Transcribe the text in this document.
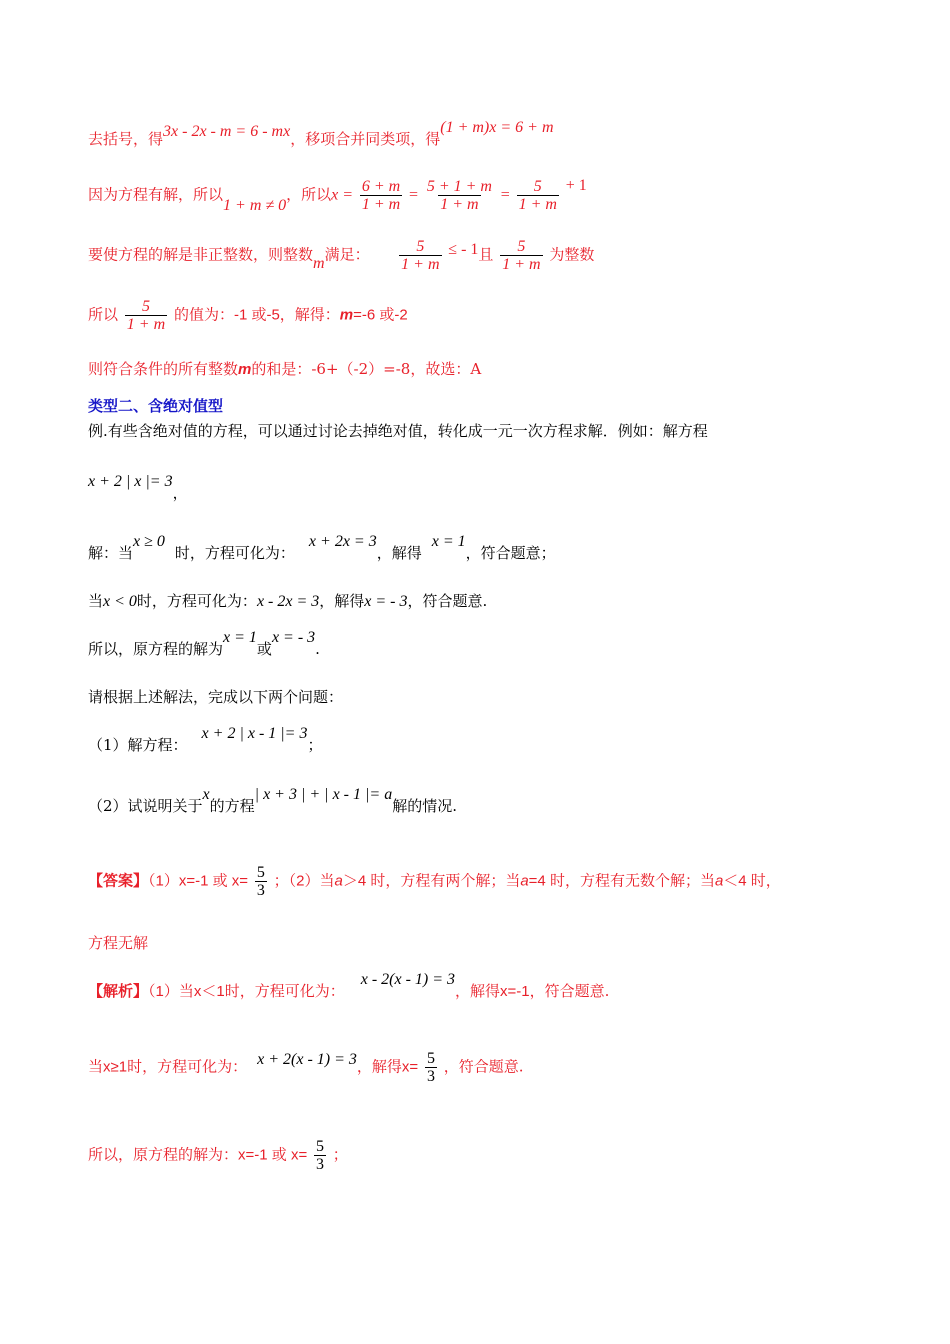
去括号，得3x - 2x - m = 6 - mx，移项合并同类项，得(1 + m)x = 6 + m
因为方程有解，所以1 + m ≠ 0，所以$x = \frac{6 + m}{1 + m} = \frac{5 + 1 + m}{1 + m} = \frac{5}{1 + m} + 1$
要使方程的解是非正整数，则整数m满足： $\frac{5}{1 + m}$ ≤ - 1且 $\frac{5}{1 + m}$ 为整数
所以 $\frac{5}{1 + m}$ 的值为：-1 或-5，解得：m=-6 或-2
则符合条件的所有整数m的和是：-6+（-2）=-8，故选：A
类型二、含绝对值型
例.有些含绝对值的方程，可以通过讨论去掉绝对值，转化成一元一次方程求解．例如：解方程
x + 2 | x |= 3，
解：当x ≥ 0时，方程可化为：x + 2x = 3，解得x = 1，符合题意；
当x < 0时，方程可化为：x - 2x = 3，解得x = - 3，符合题意.
所以，原方程的解为x = 1或x = - 3.
请根据上述解法，完成以下两个问题：
（1）解方程：x + 2 | x - 1 |= 3；
（2）试说明关于x的方程| x + 3 | + | x - 1 |= a解的情况.
【答案】（1）x=-1 或 $x= \frac{5}{3}$ ；（2）当a＞4 时，方程有两个解；当a=4 时，方程有无数个解；当a＜4 时，
方程无解
【解析】（1）当x＜1时，方程可化为：x - 2(x - 1) = 3，解得x=-1，符合题意.
当x≥1时，方程可化为： x + 2(x - 1) = 3，解得$x= \frac{5}{3}$ ，符合题意.
所以，原方程的解为：x=-1 或 $x= \frac{5}{3}$ ；
